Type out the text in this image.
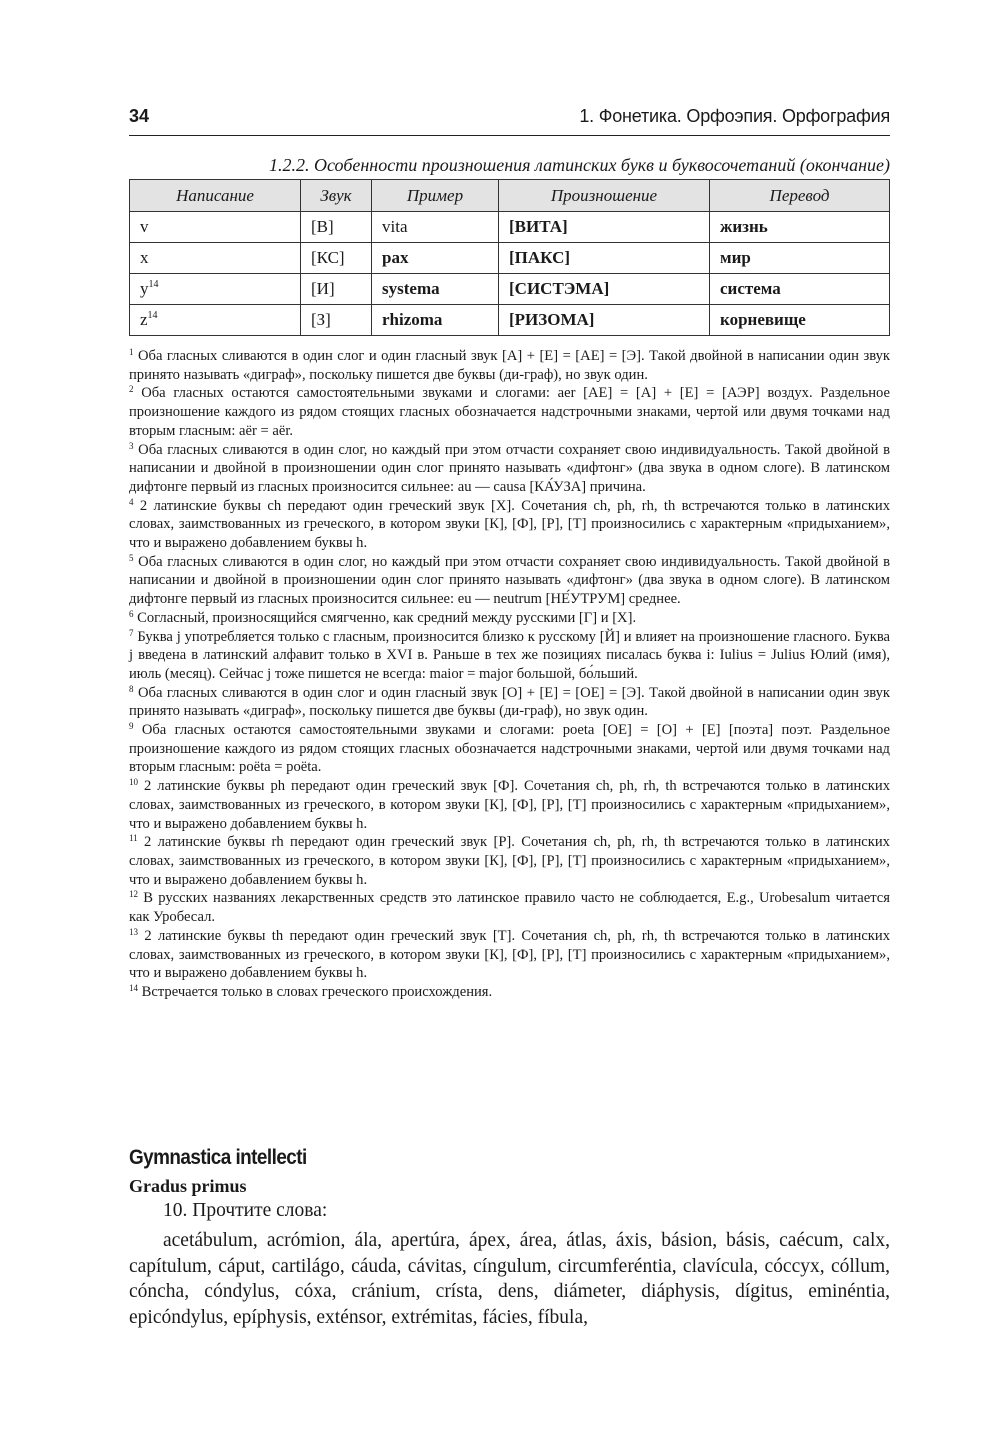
34	1. Фонетика. Орфоэпия. Орфография
1.2.2. Особенности произношения латинских букв и буквосочетаний (окончание)
Написание	Звук	Пример	Произношение	Перевод
v	[В]	vita	[ВИТА]	жизнь
x	[КС]	pax	[ПАКС]	мир
$y^{14}$	[И]	systema	[СИСТЭМА]	система
$z^{14}$	[З]	rhizoma	[РИЗОМА]	корневище

$^1$ Оба гласных сливаются в один слог и один гласный звук [А] + [Е] = [АЕ] = [Э]. Такой двойной в написании один звук принято называть «диграф», поскольку пишется две буквы (ди-граф), но звук один.

$^2$ Оба гласных остаются самостоятельными звуками и слогами: aer [АЕ] = [А] + [Е] = [АЭР] воздух. Раздельное произношение каждого из рядом стоящих гласных обозначается надстрочными знаками, чертой или двумя точками над вторым гласным: aёr = aër.

$^3$ Оба гласных сливаются в один слог, но каждый при этом отчасти сохраняет свою индивидуальность. Такой двойной в написании и двойной в произношении один слог принято называть «дифтонг» (два звука в одном слоге). В латинском дифтонге первый из гласных произносится сильнее: au — causa [КА́УЗА] причина.

$^4$ 2 латинские буквы ch передают один греческий звук [Х]. Сочетания ch, ph, rh, th встречаются только в латинских словах, заимствованных из греческого, в котором звуки [К], [Ф], [Р], [Т] произносились с характерным «придыханием», что и выражено добавлением буквы h.

$^5$ Оба гласных сливаются в один слог, но каждый при этом отчасти сохраняет свою индивидуальность. Такой двойной в написании и двойной в произношении один слог принято называть «дифтонг» (два звука в одном слоге). В латинском дифтонге первый из гласных произносится сильнее: eu — neutrum [НЕ́УТРУМ] среднее.

$^6$ Согласный, произносящийся смягченно, как средний между русскими [Г] и [Х].

$^7$ Буква j употребляется только с гласным, произносится близко к русскому [Й] и влияет на произношение гласного. Буква j введена в латинский алфавит только в XVI в. Раньше в тех же позициях писалась буква i: Iulius = Julius Юлий (имя), июль (месяц). Сейчас j тоже пишется не всегда: maior = major большой, бо́льший.

$^8$ Оба гласных сливаются в один слог и один гласный звук [О] + [Е] = [ОЕ] = [Э]. Такой двойной в написании один звук принято называть «диграф», поскольку пишется две буквы (ди-граф), но звук один.

$^9$ Оба гласных остаются самостоятельными звуками и слогами: poeta [ОЕ] = [О] + [Е] [поэта] поэт. Раздельное произношение каждого из рядом стоящих гласных обозначается надстрочными знаками, чертой или двумя точками над вторым гласным: poёta = poëta.

$^{10}$ 2 латинские буквы ph передают один греческий звук [Ф]. Сочетания ch, ph, rh, th встречаются только в латинских словах, заимствованных из греческого, в котором звуки [К], [Ф], [Р], [Т] произносились с характерным «придыханием», что и выражено добавлением буквы h.

$^{11}$ 2 латинские буквы rh передают один греческий звук [Р]. Сочетания ch, ph, rh, th встречаются только в латинских словах, заимствованных из греческого, в котором звуки [К], [Ф], [Р], [Т] произносились с характерным «придыханием», что и выражено добавлением буквы h.

$^{12}$ В русских названиях лекарственных средств это латинское правило часто не соблюдается, E.g., Urobesalum читается как Уробесал.

$^{13}$ 2 латинские буквы th передают один греческий звук [Т]. Сочетания ch, ph, rh, th встречаются только в латинских словах, заимствованных из греческого, в котором звуки [К], [Ф], [Р], [Т] произносились с характерным «придыханием», что и выражено добавлением буквы h.

$^{14}$ Встречается только в словах греческого происхождения.

Gymnastica intellecti
Gradus primus
10. Прочтите слова:
acetábulum, acrómion, ála, apertúra, ápex, área, átlas, áxis, básion, básis, caécum, calx, capítulum, cáput, cartilágo, cáuda, cávitas, cíngulum, circumferéntia, clavícula, cóccyx, cóllum, cóncha, cóndylus, cóxa, cránium, crísta, dens, diámeter, diáphysis, dígitus, eminéntia, epicóndylus, epíphysis, exténsor, extrémitas, fácies, fíbula,
